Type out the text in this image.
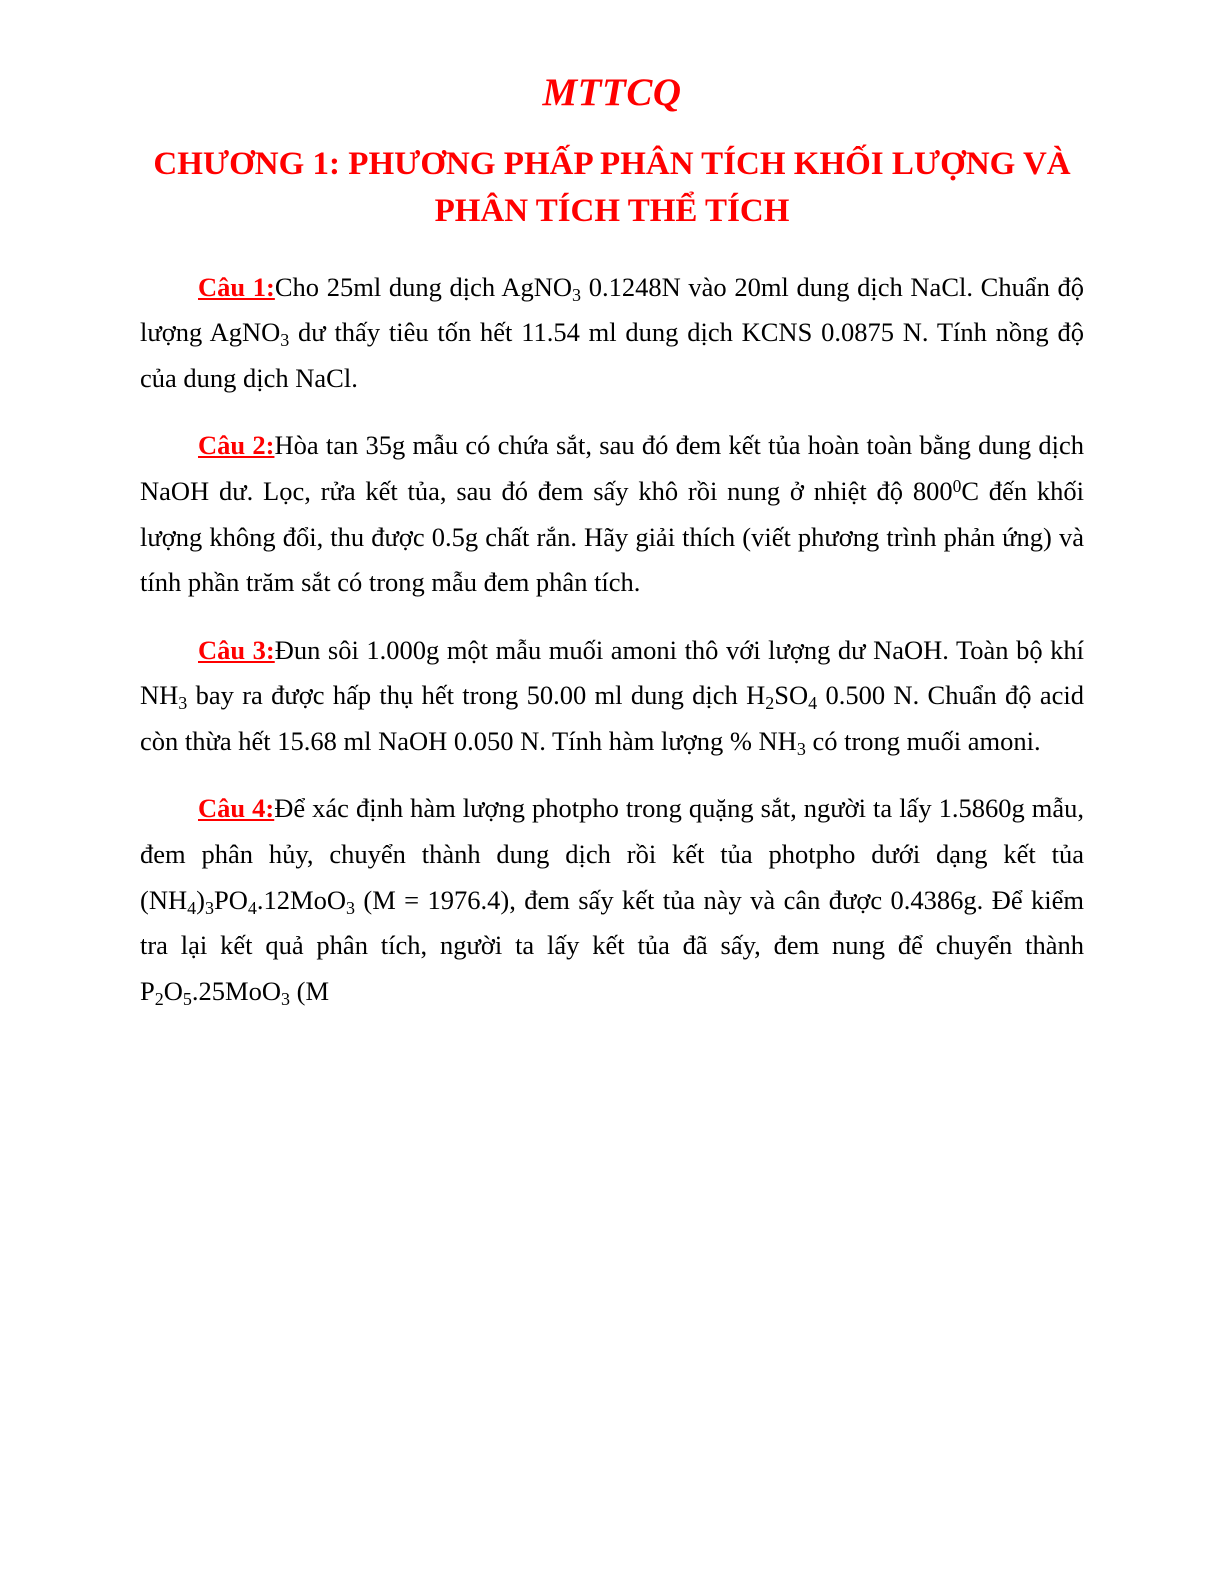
MTTCQ
CHƯƠNG 1: PHƯƠNG PHẤP PHÂN TÍCH KHỐI LƯỢNG VÀ PHÂN TÍCH THỂ TÍCH

Câu 1:Cho 25ml dung dịch AgNO$_3$ 0.1248N vào 20ml dung dịch NaCl. Chuẩn độ lượng AgNO$_3$ dư thấy tiêu tốn hết 11.54 ml dung dịch KCNS 0.0875 N. Tính nồng độ của dung dịch NaCl.

Câu 2:Hòa tan 35g mẫu có chứa sắt, sau đó đem kết tủa hoàn toàn bằng dung dịch NaOH dư. Lọc, rửa kết tủa, sau đó đem sấy khô rồi nung ở nhiệt độ $800^0C$ đến khối lượng không đổi, thu được 0.5g chất rắn. Hãy giải thích (viết phương trình phản ứng) và tính phần trăm sắt có trong mẫu đem phân tích.

Câu 3:Đun sôi 1.000g một mẫu muối amoni thô với lượng dư NaOH. Toàn bộ khí $NH_3$ bay ra được hấp thụ hết trong 50.00 ml dung dịch $H_2SO_4$ 0.500 N. Chuẩn độ acid còn thừa hết 15.68 ml NaOH 0.050 N. Tính hàm lượng % $NH_3$ có trong muối amoni.

Câu 4:Để xác định hàm lượng photpho trong quặng sắt, người ta lấy 1.5860g mẫu, đem phân hủy, chuyển thành dung dịch rồi kết tủa photpho dưới dạng kết tủa $(NH_4)_3PO_4.12MoO_3$ (M = 1976.4), đem sấy kết tủa này và cân được 0.4386g. Để kiểm tra lại kết quả phân tích, người ta lấy kết tủa đã sấy, đem nung để chuyển thành $P_2O_5.25MoO_3$ (M
